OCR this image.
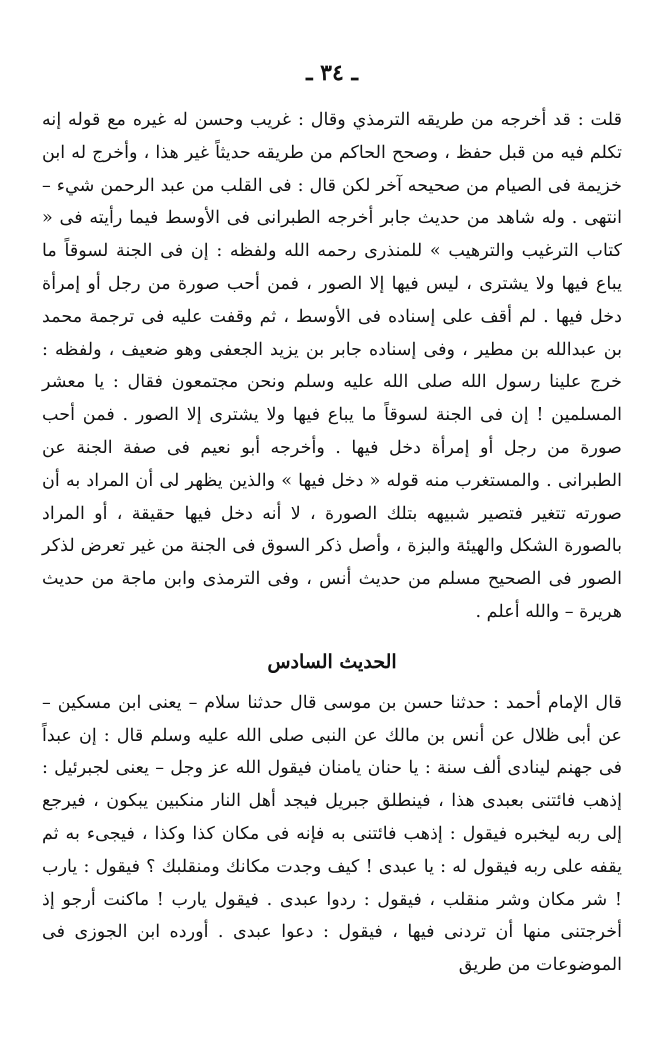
ـ ٣٤ ـ

قلت : قد أخرجه من طريقه الترمذي وقال : غريب وحسن له غيره مع قوله إنه تكلم فيه من قبل حفظ ، وصحح الحاكم من طريقه حديثاً غير هذا ، وأخرج له ابن خزيمة فى الصيام من صحيحه آخر لكن قال : فى القلب من عبد الرحمن شيء – انتهى . وله شاهد من حديث جابر أخرجه الطبرانى فى الأوسط فيما رأيته فى « كتاب الترغيب والترهيب » للمنذرى رحمه الله ولفظه : إن فى الجنة لسوقاً ما يباع فيها ولا يشترى ، ليس فيها إلا الصور ، فمن أحب صورة من رجل أو إمرأة دخل فيها . لم أقف على إسناده فى الأوسط ، ثم وقفت عليه فى ترجمة محمد بن عبدالله بن مطير ، وفى إسناده جابر بن يزيد الجعفى وهو ضعيف ، ولفظه : خرج علينا رسول الله صلى الله عليه وسلم ونحن مجتمعون فقال : يا معشر المسلمين ! إن فى الجنة لسوقاً ما يباع فيها ولا يشترى إلا الصور . فمن أحب صورة من رجل أو إمرأة دخل فيها . وأخرجه أبو نعيم فى صفة الجنة عن الطبرانى . والمستغرب منه قوله « دخل فيها » والذين يظهر لى أن المراد به أن صورته تتغير فتصير شبيهه بتلك الصورة ، لا أنه دخل فيها حقيقة ، أو المراد بالصورة الشكل والهيئة والبزة ، وأصل ذكر السوق فى الجنة من غير تعرض لذكر الصور فى الصحيح مسلم من حديث أنس ، وفى الترمذى وابن ماجة من حديث هريرة – والله أعلم .

الحديث السادس

قال الإمام أحمد : حدثنا حسن بن موسى قال حدثنا سلام – يعنى ابن مسكين – عن أبى ظلال عن أنس بن مالك عن النبى صلى الله عليه وسلم قال : إن عبداً فى جهنم لينادى ألف سنة : يا حنان يامنان فيقول الله عز وجل – يعنى لجبرئيل : إذهب فائتنى بعبدى هذا ، فينطلق جبريل فيجد أهل النار منكبين يبكون ، فيرجع إلى ربه ليخبره فيقول : إذهب فائتنى به فإنه فى مكان كذا وكذا ، فيجىء به ثم يقفه على ربه فيقول له : يا عبدى ! كيف وجدت مكانك ومنقلبك ؟ فيقول : يارب ! شر مكان وشر منقلب ، فيقول : ردوا عبدى . فيقول يارب ! ماكنت أرجو إذ أخرجتنى منها أن تردنى فيها ، فيقول : دعوا عبدى . أورده ابن الجوزى فى الموضوعات من طريق
